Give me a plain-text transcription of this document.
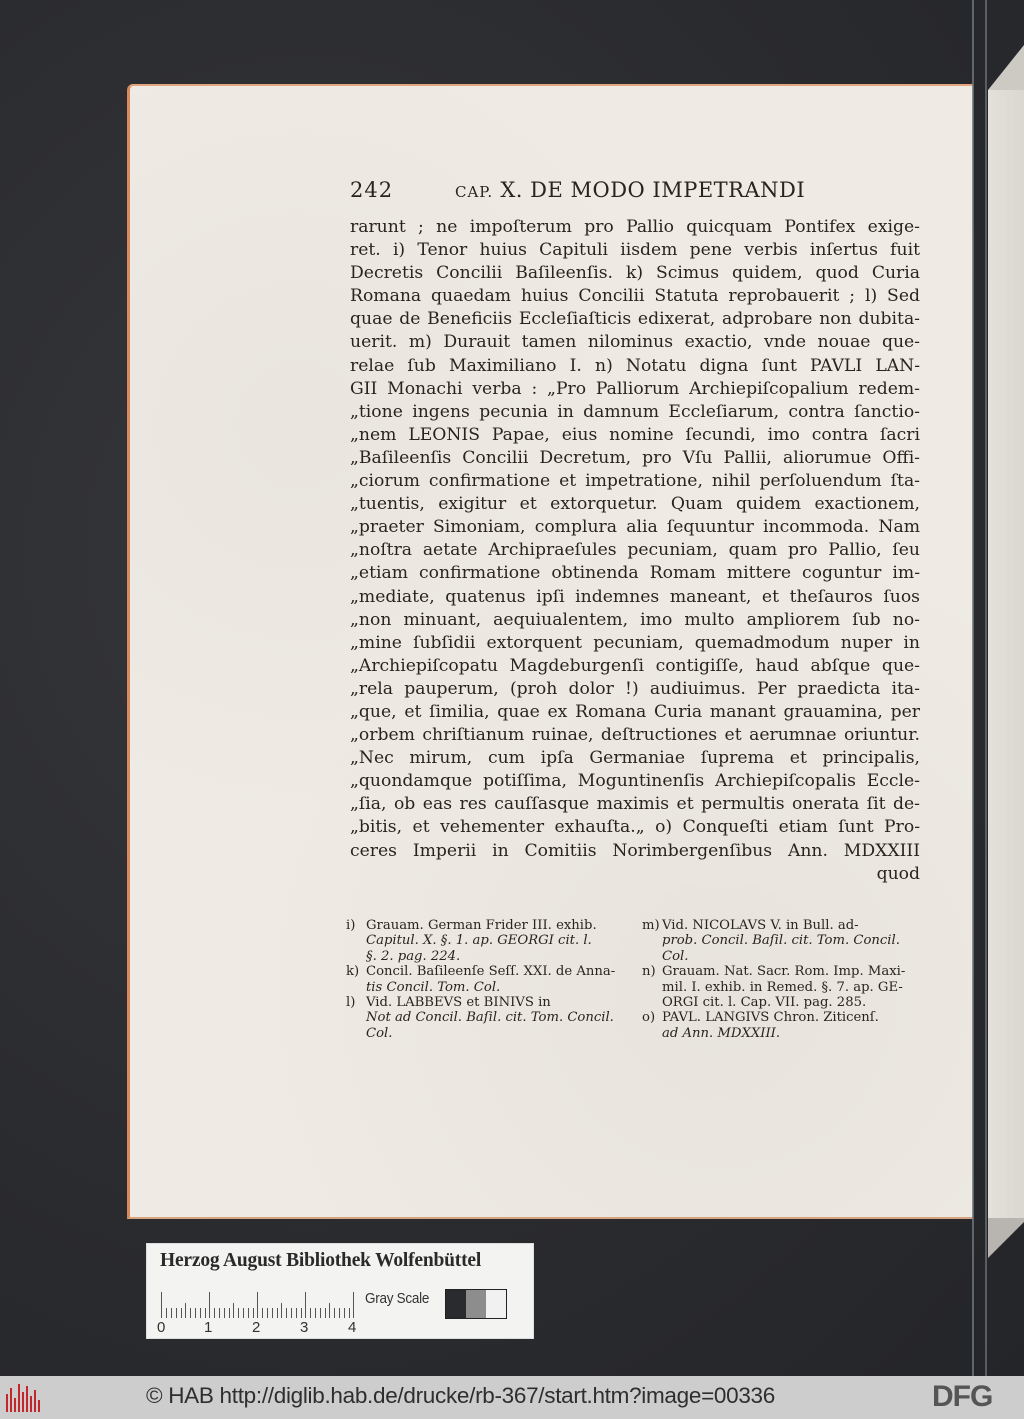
242	CAP. X. DE MODO IMPETRANDI
rarunt ; ne impoſterum pro Pallio quicquam Pontifex exige-
ret. i) Tenor huius Capituli iisdem pene verbis inſertus fuit
Decretis Concilii Baſileenſis. k) Scimus quidem, quod Curia
Romana quaedam huius Concilii Statuta reprobauerit ; l) Sed
quae de Beneficiis Eccleſiaſticis edixerat, adprobare non dubita-
uerit. m) Durauit tamen nilominus exactio, vnde nouae que-
relae ſub Maximiliano I. n) Notatu digna ſunt PAVLI LAN-
GII Monachi verba : „Pro Palliorum Archiepiſcopalium redem-
„tione ingens pecunia in damnum Eccleſiarum, contra ſanctio-
„nem LEONIS Papae, eius nomine ſecundi, imo contra ſacri
„Baſileenſis Concilii Decretum, pro Vſu Pallii, aliorumue Offi-
„ciorum confirmatione et impetratione, nihil perſoluendum ſta-
„tuentis, exigitur et extorquetur. Quam quidem exactionem,
„praeter Simoniam, complura alia ſequuntur incommoda. Nam
„noſtra aetate Archipraeſules pecuniam, quam pro Pallio, ſeu
„etiam confirmatione obtinenda Romam mittere coguntur im-
„mediate, quatenus ipſi indemnes maneant, et theſauros ſuos
„non minuant, aequiualentem, imo multo ampliorem ſub no-
„mine ſubſidii extorquent pecuniam, quemadmodum nuper in
„Archiepiſcopatu Magdeburgenſi contigiſſe, haud abſque que-
„rela pauperum, (proh dolor !) audiuimus. Per praedicta ita-
„que, et ſimilia, quae ex Romana Curia manant grauamina, per
„orbem chriſtianum ruinae, deſtructiones et aerumnae oriuntur.
„Nec mirum, cum ipſa Germaniae ſuprema et principalis,
„quondamque potiſſima, Moguntinenſis Archiepiſcopalis Eccle-
„ſia, ob eas res cauſſasque maximis et permultis onerata ſit de-
„bitis, et vehementer exhauſta.„ o) Conqueſti etiam ſunt Pro-
ceres Imperii in Comitiis Norimbergenſibus Ann. MDXXIII
quod
i) Grauam. German Frider III. exhib.
Capitul. X. §. 1. ap. GEORGI cit. l.
§. 2. pag. 224.
k) Concil. Baſileenſe Seſſ. XXI. de Anna-
tis Concil. Tom. Col.
l) Vid. LABBEVS et BINIVS in
Not ad Concil. Baſil. cit. Tom. Concil.
Col.
m) Vid. NICOLAVS V. in Bull. ad-
prob. Concil. Baſil. cit. Tom. Concil.
Col.
n) Grauam. Nat. Sacr. Rom. Imp. Maxi-
mil. I. exhib. in Remed. §. 7. ap. GE-
ORGI cit. l. Cap. VII. pag. 285.
o) PAVL. LANGIVS Chron. Ziticenſ.
ad Ann. MDXXIII.
Herzog August Bibliothek Wolfenbüttel
0	1	2	3	4
Gray Scale
© HAB http://diglib.hab.de/drucke/rb-367/start.htm?image=00336	DFG
